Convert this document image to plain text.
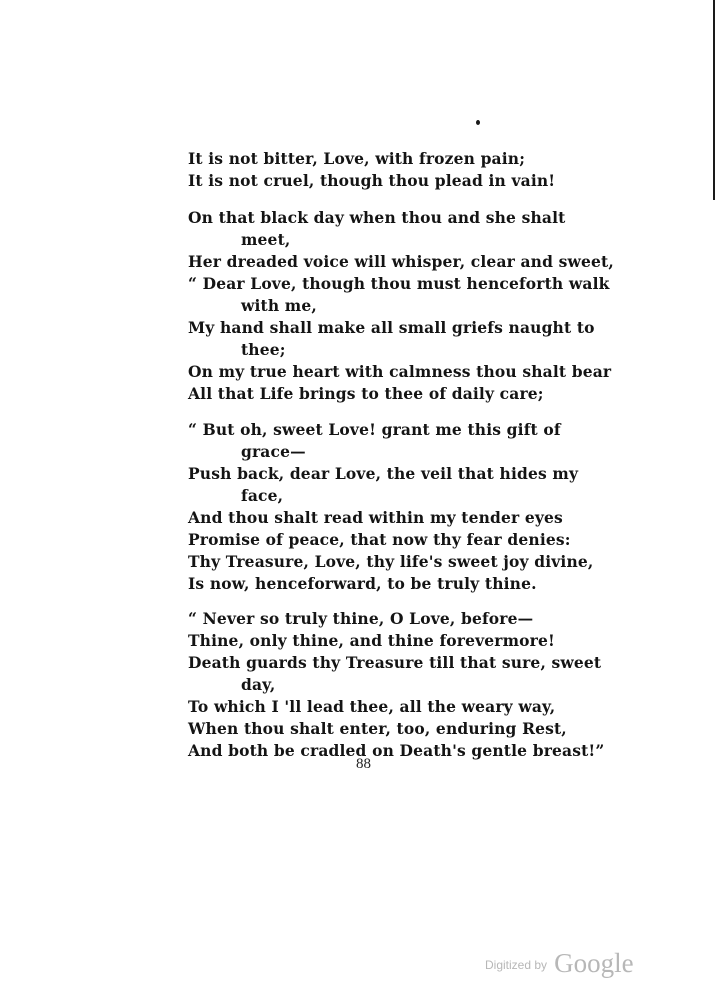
It is not bitter, Love, with frozen pain;
It is not cruel, though thou plead in vain!
On that black day when thou and she shalt
meet,
Her dreaded voice will whisper, clear and sweet,
“ Dear Love, though thou must henceforth walk
with me,
My hand shall make all small griefs naught to
thee;
On my true heart with calmness thou shalt bear
All that Life brings to thee of daily care;
“ But oh, sweet Love! grant me this gift of
grace—
Push back, dear Love, the veil that hides my
face,
And thou shalt read within my tender eyes
Promise of peace, that now thy fear denies:
Thy Treasure, Love, thy life's sweet joy divine,
Is now, henceforward, to be truly thine.
“ Never so truly thine, O Love, before—
Thine, only thine, and thine forevermore!
Death guards thy Treasure till that sure, sweet
day,
To which I 'll lead thee, all the weary way,
When thou shalt enter, too, enduring Rest,
And both be cradled on Death's gentle breast!”
88
Digitized by Google
